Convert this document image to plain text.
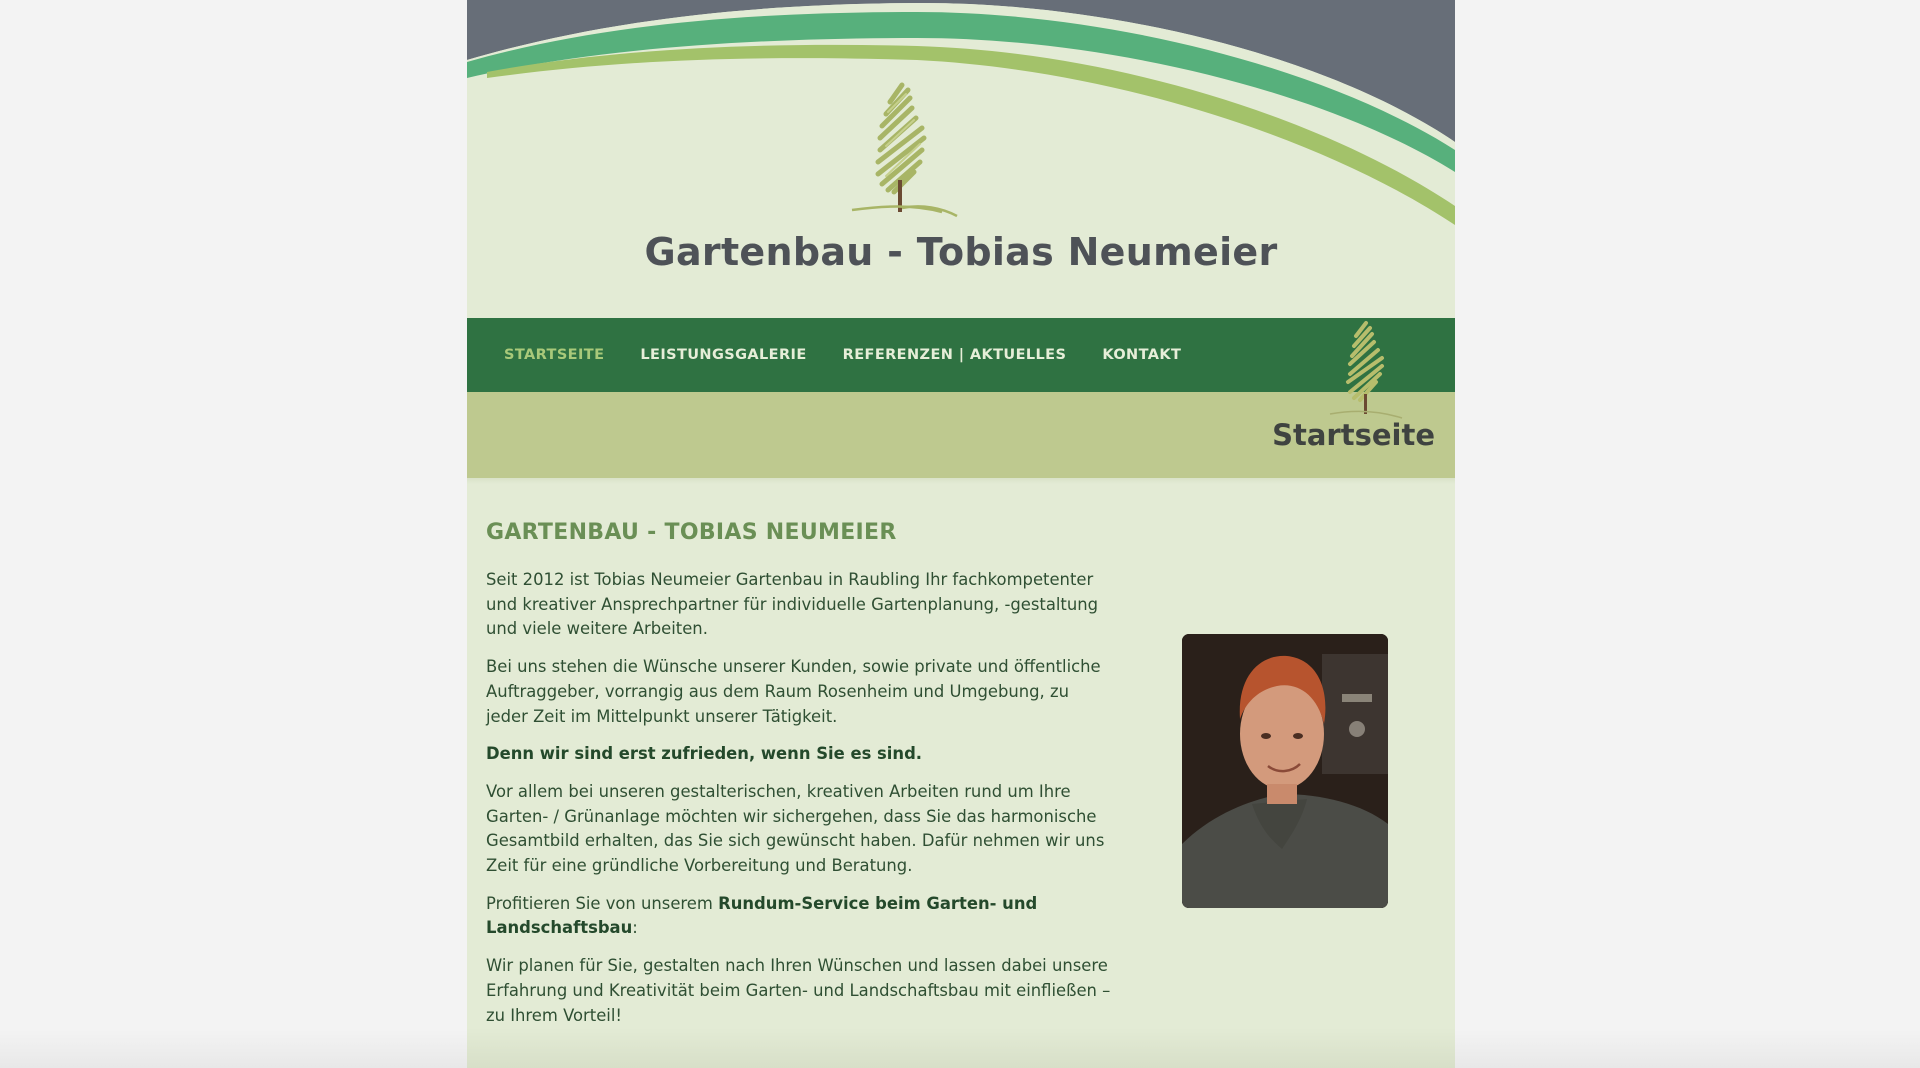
Gartenbau - Tobias Neumeier
STARTSEITE	LEISTUNGSGALERIE	REFERENZEN | AKTUELLES	KONTAKT
Startseite
GARTENBAU - TOBIAS NEUMEIER

Seit 2012 ist Tobias Neumeier Gartenbau in Raubling Ihr fachkompetenter und kreativer Ansprechpartner für individuelle Gartenplanung, -gestaltung und viele weitere Arbeiten.

Bei uns stehen die Wünsche unserer Kunden, sowie private und öffentliche Auftraggeber, vorrangig aus dem Raum Rosenheim und Umgebung, zu jeder Zeit im Mittelpunkt unserer Tätigkeit.

Denn wir sind erst zufrieden, wenn Sie es sind.

Vor allem bei unseren gestalterischen, kreativen Arbeiten rund um Ihre Garten- / Grünanlage möchten wir sichergehen, dass Sie das harmonische Gesamtbild erhalten, das Sie sich gewünscht haben. Dafür nehmen wir uns Zeit für eine gründliche Vorbereitung und Beratung.

Profitieren Sie von unserem Rundum-Service beim Garten- und Landschaftsbau:

Wir planen für Sie, gestalten nach Ihren Wünschen und lassen dabei unsere Erfahrung und Kreativität beim Garten- und Landschaftsbau mit einfließen – zu Ihrem Vorteil!
